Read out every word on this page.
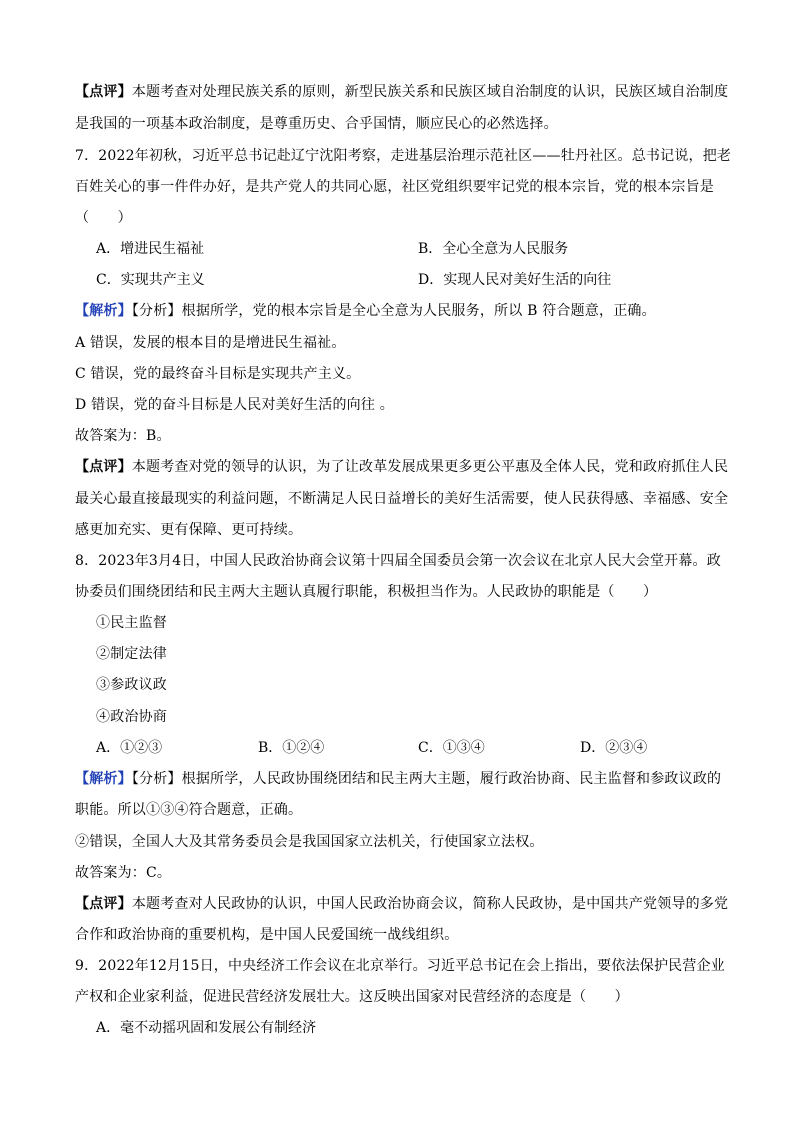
【点评】本题考查对处理民族关系的原则，新型民族关系和民族区域自治制度的认识，民族区域自治制度
是我国的一项基本政治制度，是尊重历史、合乎国情，顺应民心的必然选择。
7．2022年初秋，习近平总书记赴辽宁沈阳考察，走进基层治理示范社区——牡丹社区。总书记说，把老
百姓关心的事一件件办好，是共产党人的共同心愿，社区党组织要牢记党的根本宗旨，党的根本宗旨是
（　　）
A．增进民生福祉	B．全心全意为人民服务
C．实现共产主义	D．实现人民对美好生活的向往
【解析】【分析】根据所学，党的根本宗旨是全心全意为人民服务，所以 B 符合题意，正确。
A 错误，发展的根本目的是增进民生福祉。
C 错误，党的最终奋斗目标是实现共产主义。
D 错误，党的奋斗目标是人民对美好生活的向往 。
故答案为：B。
【点评】本题考查对党的领导的认识，为了让改革发展成果更多更公平惠及全体人民，党和政府抓住人民
最关心最直接最现实的利益问题，不断满足人民日益增长的美好生活需要，使人民获得感、幸福感、安全
感更加充实、更有保障、更可持续。
8．2023年3月4日，中国人民政治协商会议第十四届全国委员会第一次会议在北京人民大会堂开幕。政
协委员们围绕团结和民主两大主题认真履行职能，积极担当作为。人民政协的职能是（　　）
①民主监督
②制定法律
③参政议政
④政治协商
A．①②③	B．①②④	C．①③④	D．②③④
【解析】【分析】根据所学，人民政协围绕团结和民主两大主题，履行政治协商、民主监督和参政议政的
职能。所以①③④符合题意，正确。
②错误，全国人大及其常务委员会是我国国家立法机关，行使国家立法权。
故答案为：C。
【点评】本题考查对人民政协的认识，中国人民政治协商会议，简称人民政协，是中国共产党领导的多党
合作和政治协商的重要机构，是中国人民爱国统一战线组织。
9．2022年12月15日，中央经济工作会议在北京举行。习近平总书记在会上指出，要依法保护民营企业
产权和企业家利益，促进民营经济发展壮大。这反映出国家对民营经济的态度是（　　）
A．毫不动摇巩固和发展公有制经济
